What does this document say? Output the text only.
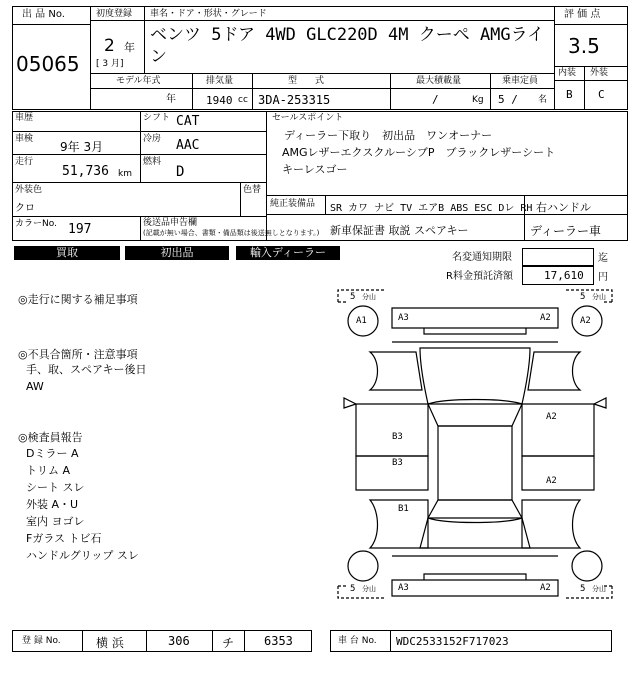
出 品 No.
05065
初度登録 車名・ドア・形状・グレード
2 年
[ 3 月]
ベンツ 5ドア 4WD GLC220D 4M クーペ AMGライン
評 価 点
3.5
内装 外装
B C
モデル年式	排気量	型　　式	最大積載量	乗車定員
年	1940 cc 3DA-253315	/	Kg 5 / 名
車歴	シフト CAT
車検
9年 3月
冷房 AAC
走行
51,736 km
燃料
D
外装色
クロ
色替
カラーNo. 197	後送品申告欄
(記載が無い場合、書類・備品類は後送無しとなります。)
セールスポイント
ディーラー下取り　初出品　ワンオーナー
AMGレザーエクスクルーシブP　ブラックレザーシート
キーレスゴー
純正装備品 SR カワ ナビ TV エアB ABS ESC Dレ RH 右ハンドル
新車保証書 取説 スペアキー	ディーラー車
買取	初出品	輸入ディーラー	名変通知期限	迄
R料金預託済額	17,610 円
◎走行に関する補足事項
◎不具合箇所・注意事項
手、取、スペアキー後日
AW
◎検査員報告
Dミラー A
トリム A
シート スレ
外装 A・U
室内 ヨゴレ
Fガラス トビ石
ハンドルグリップ スレ
5 分山	5 分山
5 分山	5 分山
A1	A2
A3	A2
A2
B3
B3
A2
B1
A3	A2
登 録 No.	横 浜	306	チ 6353	車 台 No. WDC2533152F717023
